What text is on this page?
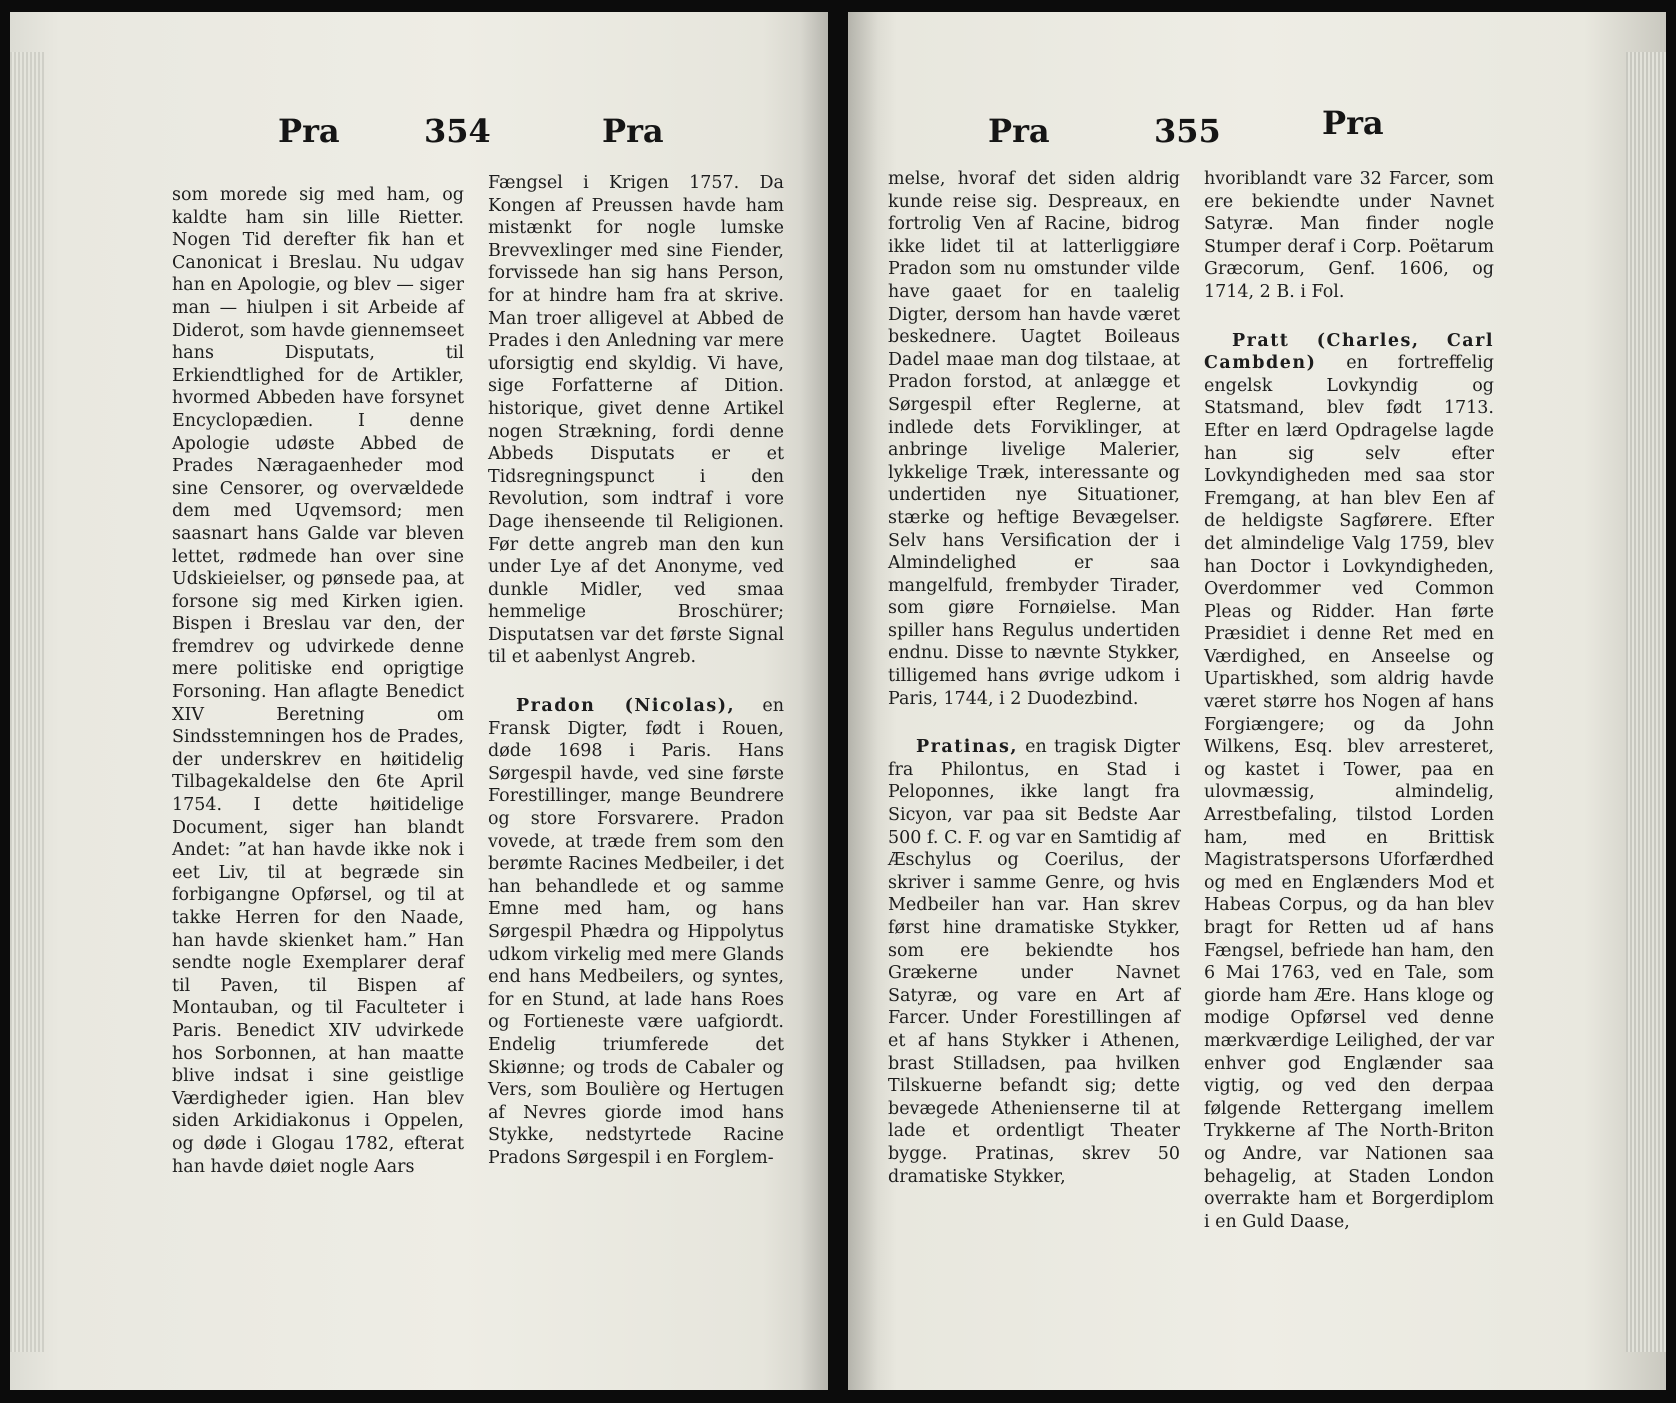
Pra	354	Pra

som morede sig med ham, og kaldte ham sin lille Rietter. Nogen Tid derefter fik han et Canonicat i Breslau. Nu udgav han en Apologie, og blev — siger man — hiulpen i sit Arbeide af Diderot, som havde giennemseet hans Disputats, til Erkiendtlighed for de Artikler, hvormed Abbeden have forsynet Encyclopædien. I denne Apologie udøste Abbed de Prades Næragaenheder mod sine Censorer, og overvældede dem med Uqvemsord; men saasnart hans Galde var bleven lettet, rødmede han over sine Udskieielser, og pønsede paa, at forsone sig med Kirken igien. Bispen i Breslau var den, der fremdrev og udvirkede denne mere politiske end oprigtige Forsoning. Han aflagte Benedict XIV Beretning om Sindsstemningen hos de Prades, der underskrev en høitidelig Tilbagekaldelse den 6te April 1754. I dette høitidelige Document, siger han blandt Andet: ”at han havde ikke nok i eet Liv, til at begræde sin forbigangne Opførsel, og til at takke Herren for den Naade, han havde skienket ham.” Han sendte nogle Exemplarer deraf til Paven, til Bispen af Montauban, og til Faculteter i Paris. Benedict XIV udvirkede hos Sorbonnen, at han maatte blive indsat i sine geistlige Værdigheder igien. Han blev siden Arkidiakonus i Oppelen, og døde i Glogau 1782, efterat han havde døiet nogle Aars

Fængsel i Krigen 1757. Da Kongen af Preussen havde ham mistænkt for nogle lumske Brevvexlinger med sine Fiender, forvissede han sig hans Person, for at hindre ham fra at skrive. Man troer alligevel at Abbed de Prades i den Anledning var mere uforsigtig end skyldig. Vi have, sige Forfatterne af Dition. historique, givet denne Artikel nogen Strækning, fordi denne Abbeds Disputats er et Tidsregningspunct i den Revolution, som indtraf i vore Dage ihenseende til Religionen. Før dette angreb man den kun under Lye af det Anonyme, ved dunkle Midler, ved smaa hemmelige Broschürer; Disputatsen var det første Signal til et aabenlyst Angreb.

Pradon (Nicolas), en Fransk Digter, født i Rouen, døde 1698 i Paris. Hans Sørgespil havde, ved sine første Forestillinger, mange Beundrere og store Forsvarere. Pradon vovede, at træde frem som den berømte Racines Medbeiler, i det han behandlede et og samme Emne med ham, og hans Sørgespil Phædra og Hippolytus udkom virkelig med mere Glands end hans Medbeilers, og syntes, for en Stund, at lade hans Roes og Fortieneste være uafgiordt. Endelig triumferede det Skiønne; og trods de Cabaler og Vers, som Boulière og Hertugen af Nevres giorde imod hans Stykke, nedstyrtede Racine Pradons Sørgespil i en Forglem-

Pra	355	Pra

melse, hvoraf det siden aldrig kunde reise sig. Despreaux, en fortrolig Ven af Racine, bidrog ikke lidet til at latterliggiøre Pradon som nu omstunder vilde have gaaet for en taalelig Digter, dersom han havde været beskednere. Uagtet Boileaus Dadel maae man dog tilstaae, at Pradon forstod, at anlægge et Sørgespil efter Reglerne, at indlede dets Forviklinger, at anbringe livelige Malerier, lykkelige Træk, interessante og undertiden nye Situationer, stærke og heftige Bevægelser. Selv hans Versification der i Almindelighed er saa mangelfuld, frembyder Tirader, som giøre Fornøielse. Man spiller hans Regulus undertiden endnu. Disse to nævnte Stykker, tilligemed hans øvrige udkom i Paris, 1744, i 2 Duodezbind.

Pratinas, en tragisk Digter fra Philontus, en Stad i Peloponnes, ikke langt fra Sicyon, var paa sit Bedste Aar 500 f. C. F. og var en Samtidig af Æschylus og Coerilus, der skriver i samme Genre, og hvis Medbeiler han var. Han skrev først hine dramatiske Stykker, som ere bekiendte hos Grækerne under Navnet Satyræ, og vare en Art af Farcer. Under Forestillingen af et af hans Stykker i Athenen, brast Stilladsen, paa hvilken Tilskuerne befandt sig; dette bevægede Athenienserne til at lade et ordentligt Theater bygge. Pratinas, skrev 50 dramatiske Stykker,

hvoriblandt vare 32 Farcer, som ere bekiendte under Navnet Satyræ. Man finder nogle Stumper deraf i Corp. Poëtarum Græcorum, Genf. 1606, og 1714, 2 B. i Fol.

Pratt (Charles, Carl Cambden) en fortreffelig engelsk Lovkyndig og Statsmand, blev født 1713. Efter en lærd Opdragelse lagde han sig selv efter Lovkyndigheden med saa stor Fremgang, at han blev Een af de heldigste Sagførere. Efter det almindelige Valg 1759, blev han Doctor i Lovkyndigheden, Overdommer ved Common Pleas og Ridder. Han førte Præsidiet i denne Ret med en Værdighed, en Anseelse og Upartiskhed, som aldrig havde været større hos Nogen af hans Forgiængere; og da John Wilkens, Esq. blev arresteret, og kastet i Tower, paa en ulovmæssig, almindelig, Arrestbefaling, tilstod Lorden ham, med en Brittisk Magistratspersons Uforfærdhed og med en Englænders Mod et Habeas Corpus, og da han blev bragt for Retten ud af hans Fængsel, befriede han ham, den 6 Mai 1763, ved en Tale, som giorde ham Ære. Hans kloge og modige Opførsel ved denne mærkværdige Leilighed, der var enhver god Englænder saa vigtig, og ved den derpaa følgende Rettergang imellem Trykkerne af The North-Briton og Andre, var Nationen saa behagelig, at Staden London overrakte ham et Borgerdiplom i en Guld Daase,
